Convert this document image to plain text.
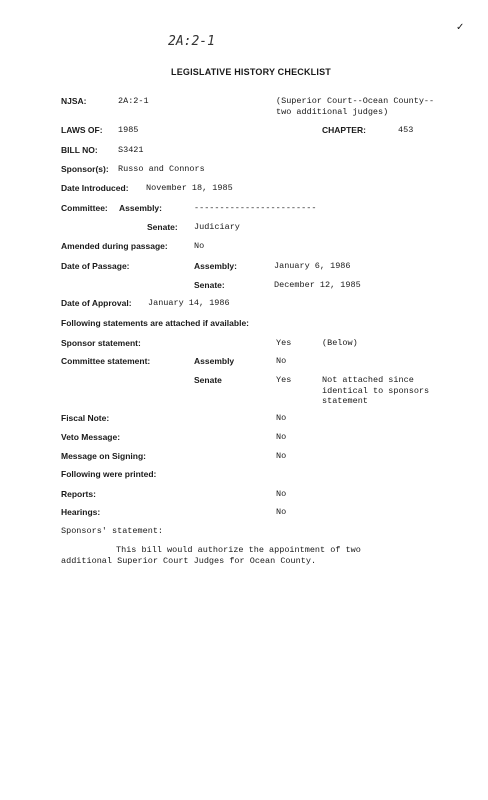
2A:2-1
✓
LEGISLATIVE HISTORY CHECKLIST
NJSA:	2A:2-1	(Superior Court--Ocean County--two additional judges)
LAWS OF: 1985	CHAPTER:	453
BILL NO: S3421
Sponsor(s): Russo and Connors
Date Introduced: November 18, 1985
Committee: Assembly:	------------------------
Senate: Judiciary
Amended during passage:	No
Date of Passage:	Assembly:	January 6, 1986
Senate:	December 12, 1985
Date of Approval: January 14, 1986
Following statements are attached if available:
Sponsor statement:	Yes	(Below)
Committee statement:	Assembly	No
Senate	Yes	Not attached since identical to sponsors statement
Fiscal Note:	No
Veto Message:	No
Message on Signing:	No
Following were printed:
Reports:	No
Hearings:	No
Sponsors' statement:
This bill would authorize the appointment of two additional Superior Court Judges for Ocean County.
